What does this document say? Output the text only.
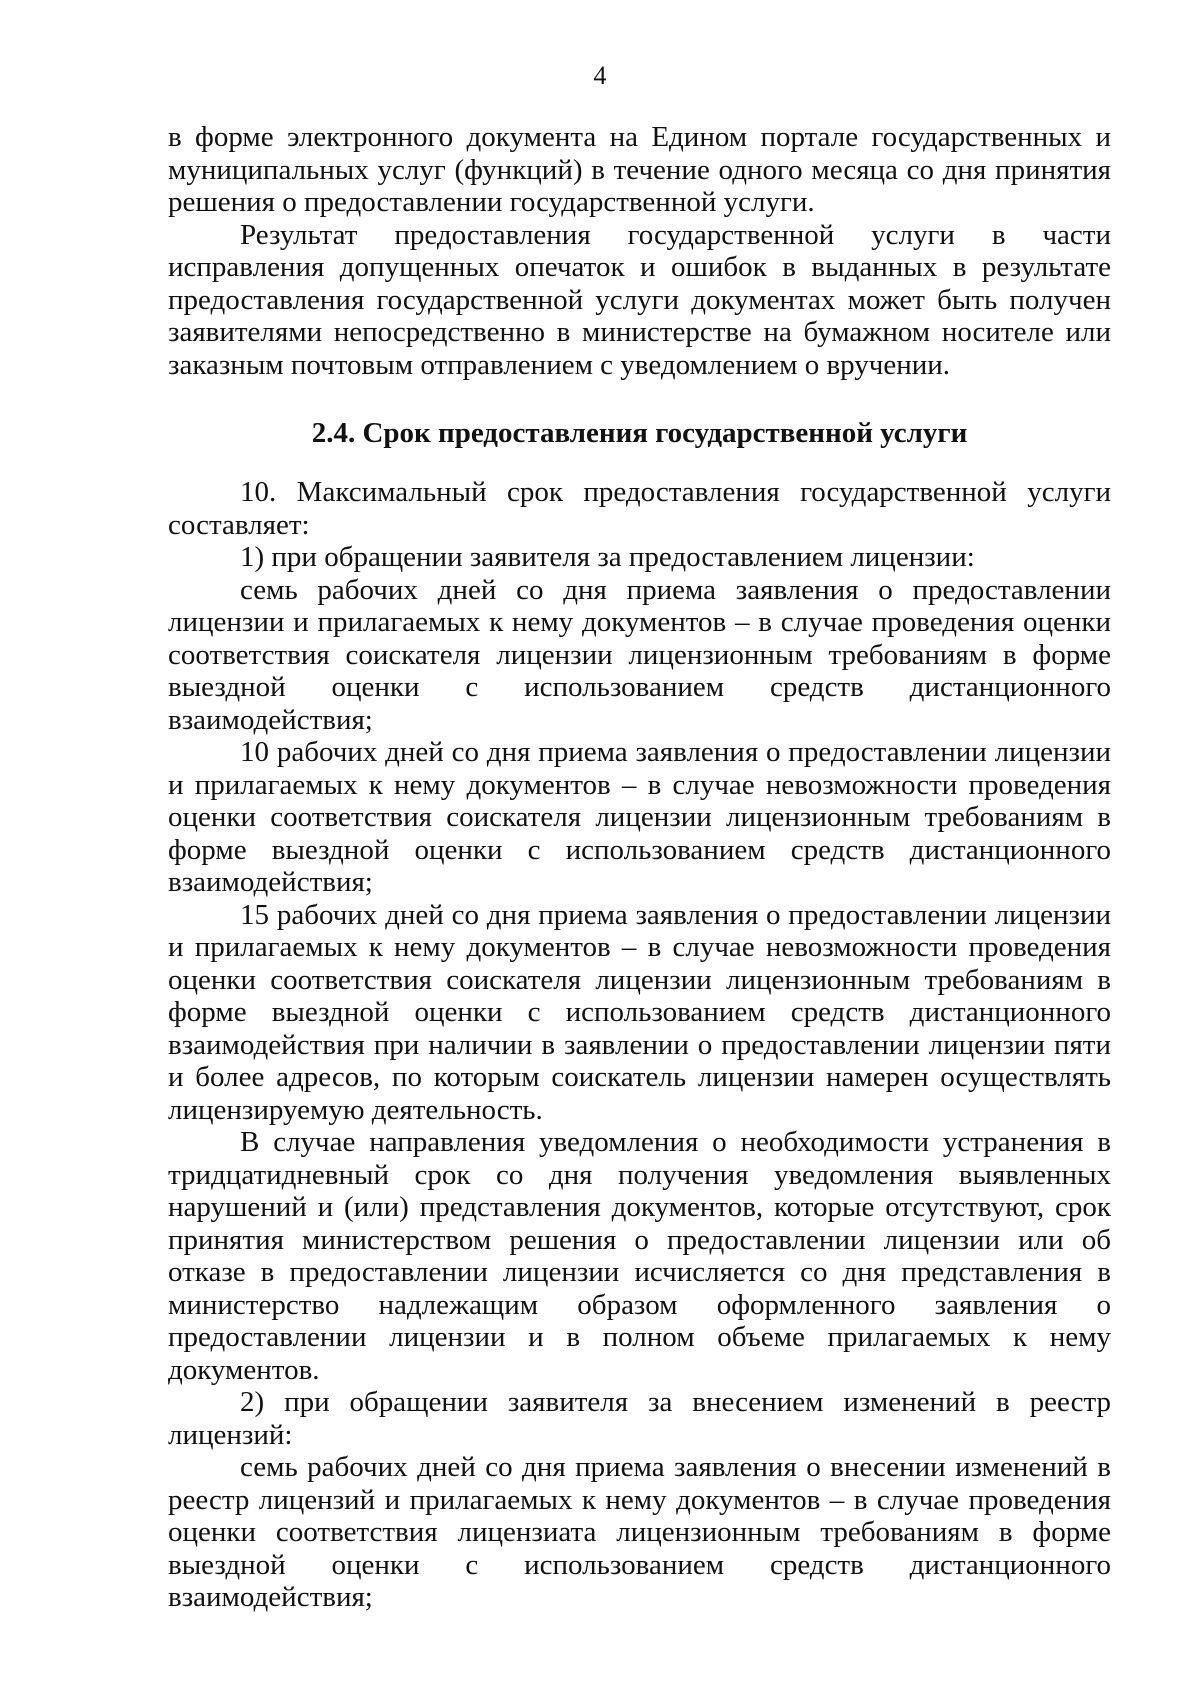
4

в форме электронного документа на Едином портале государственных и муниципальных услуг (функций) в течение одного месяца со дня принятия решения о предоставлении государственной услуги.

Результат предоставления государственной услуги в части исправления допущенных опечаток и ошибок в выданных в результате предоставления государственной услуги документах может быть получен заявителями непосредственно в министерстве на бумажном носителе или заказным почтовым отправлением с уведомлением о вручении.

2.4. Срок предоставления государственной услуги

10. Максимальный срок предоставления государственной услуги составляет:

1) при обращении заявителя за предоставлением лицензии:

семь рабочих дней со дня приема заявления о предоставлении лицензии и прилагаемых к нему документов – в случае проведения оценки соответствия соискателя лицензии лицензионным требованиям в форме выездной оценки с использованием средств дистанционного взаимодействия;

10 рабочих дней со дня приема заявления о предоставлении лицензии и прилагаемых к нему документов – в случае невозможности проведения оценки соответствия соискателя лицензии лицензионным требованиям в форме выездной оценки с использованием средств дистанционного взаимодействия;

15 рабочих дней со дня приема заявления о предоставлении лицензии и прилагаемых к нему документов – в случае невозможности проведения оценки соответствия соискателя лицензии лицензионным требованиям в форме выездной оценки с использованием средств дистанционного взаимодействия при наличии в заявлении о предоставлении лицензии пяти и более адресов, по которым соискатель лицензии намерен осуществлять лицензируемую деятельность.

В случае направления уведомления о необходимости устранения в тридцатидневный срок со дня получения уведомления выявленных нарушений и (или) представления документов, которые отсутствуют, срок принятия министерством решения о предоставлении лицензии или об отказе в предоставлении лицензии исчисляется со дня представления в министерство надлежащим образом оформленного заявления о предоставлении лицензии и в полном объеме прилагаемых к нему документов.

2) при обращении заявителя за внесением изменений в реестр лицензий:

семь рабочих дней со дня приема заявления о внесении изменений в реестр лицензий и прилагаемых к нему документов – в случае проведения оценки соответствия лицензиата лицензионным требованиям в форме выездной оценки с использованием средств дистанционного взаимодействия;
